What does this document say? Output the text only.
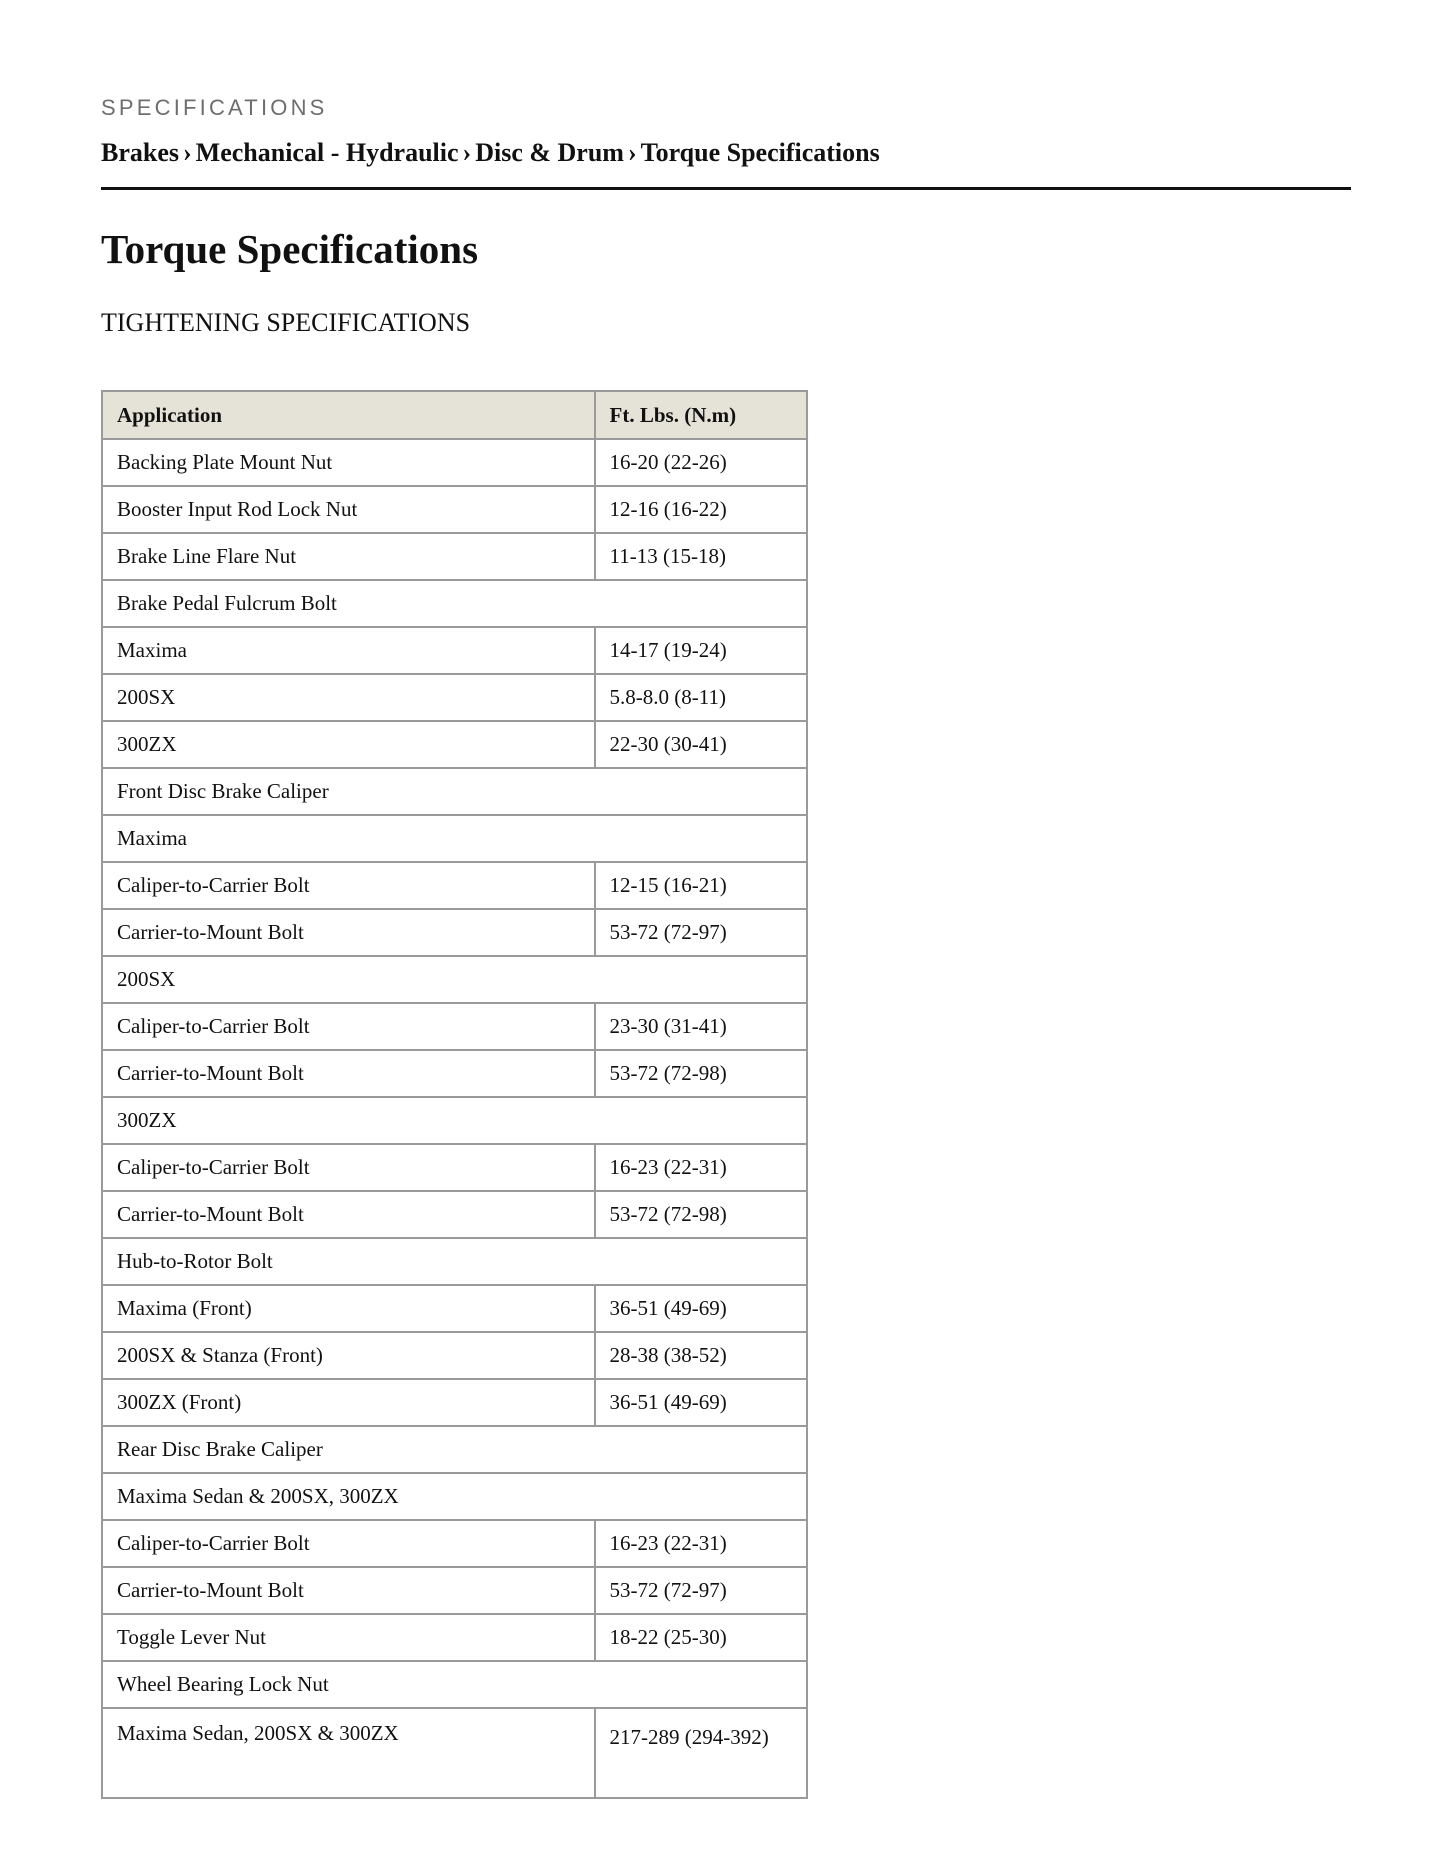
SPECIFICATIONS
Brakes › Mechanical - Hydraulic › Disc & Drum › Torque Specifications
Torque Specifications
TIGHTENING SPECIFICATIONS
Application	Ft. Lbs. (N.m)
Backing Plate Mount Nut	16-20 (22-26)
Booster Input Rod Lock Nut	12-16 (16-22)
Brake Line Flare Nut	11-13 (15-18)
Brake Pedal Fulcrum Bolt	
Maxima	14-17 (19-24)
200SX	5.8-8.0 (8-11)
300ZX	22-30 (30-41)
Front Disc Brake Caliper	
Maxima	
Caliper-to-Carrier Bolt	12-15 (16-21)
Carrier-to-Mount Bolt	53-72 (72-97)
200SX	
Caliper-to-Carrier Bolt	23-30 (31-41)
Carrier-to-Mount Bolt	53-72 (72-98)
300ZX	
Caliper-to-Carrier Bolt	16-23 (22-31)
Carrier-to-Mount Bolt	53-72 (72-98)
Hub-to-Rotor Bolt	
Maxima (Front)	36-51 (49-69)
200SX & Stanza (Front)	28-38 (38-52)
300ZX (Front)	36-51 (49-69)
Rear Disc Brake Caliper	
Maxima Sedan & 200SX, 300ZX	
Caliper-to-Carrier Bolt	16-23 (22-31)
Carrier-to-Mount Bolt	53-72 (72-97)
Toggle Lever Nut	18-22 (25-30)
Wheel Bearing Lock Nut	
Maxima Sedan, 200SX & 300ZX	217-289 (294-392)
